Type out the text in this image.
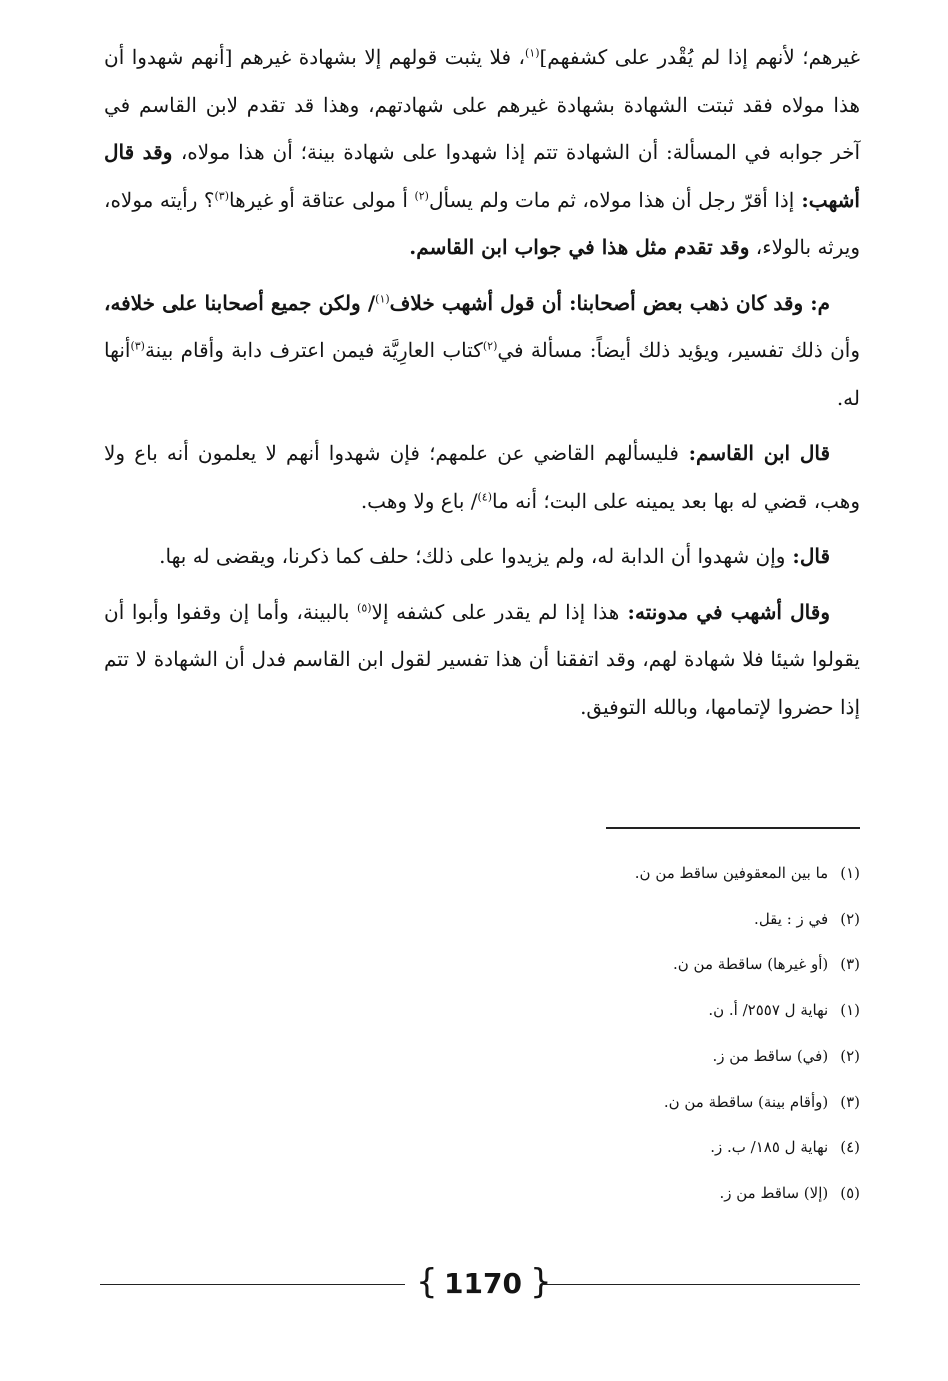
غيرهم؛ لأنهم إذا لم يُقْدر على كشفهم]$^{(١)}$، فلا يثبت قولهم إلا بشهادة غيرهم [أنهم شهدوا أن هذا مولاه فقد ثبتت الشهادة بشهادة غيرهم على شهادتهم، وهذا قد تقدم لابن القاسم في آخر جوابه في المسألة: أن الشهادة تتم إذا شهدوا على شهادة بينة؛ أن هذا مولاه، وقد قال أشهب: إذا أقرّ رجل أن هذا مولاه، ثم مات ولم يسأل$^{(٢)}$ أ مولى عتاقة أو غيرها$^{(٣)}$؟ رأيته مولاه، ويرثه بالولاء، وقد تقدم مثل هذا في جواب ابن القاسم.

م: وقد كان ذهب بعض أصحابنا: أن قول أشهب خلاف$^{(١)}$/ ولكن جميع أصحابنا على خلافه، وأن ذلك تفسير، ويؤيد ذلك أيضاً: مسألة في$^{(٢)}$كتاب العارِيَّة فيمن اعترف دابة وأقام بينة$^{(٣)}$أنها له.

قال ابن القاسم: فليسألهم القاضي عن علمهم؛ فإن شهدوا أنهم لا يعلمون أنه باع ولا وهب، قضي له بها بعد يمينه على البت؛ أنه ما$^{(٤)}$/ باع ولا وهب.

قال: وإن شهدوا أن الدابة له، ولم يزيدوا على ذلك؛ حلف كما ذكرنا، ويقضى له بها.

وقال أشهب في مدونته: هذا إذا لم يقدر على كشفه إلا$^{(٥)}$ بالبينة، وأما إن وقفوا وأبوا أن يقولوا شيئا فلا شهادة لهم، وقد اتفقنا أن هذا تفسير لقول ابن القاسم فدل أن الشهادة لا تتم إذا حضروا لإتمامها، وبالله التوفيق.

(١)ما بين المعقوفين ساقط من ن.
(٢)في ز : يقل.
(٣)(أو غيرها) ساقطة من ن.
(١)نهاية ل ٢٥٥٧/ أ. ن.
(٢)(في) ساقط من ز.
(٣)(وأقام بينة) ساقطة من ن.
(٤)نهاية ل ١٨٥/ ب. ز.
(٥)(إلا) ساقط من ز.
{ 1170 }
